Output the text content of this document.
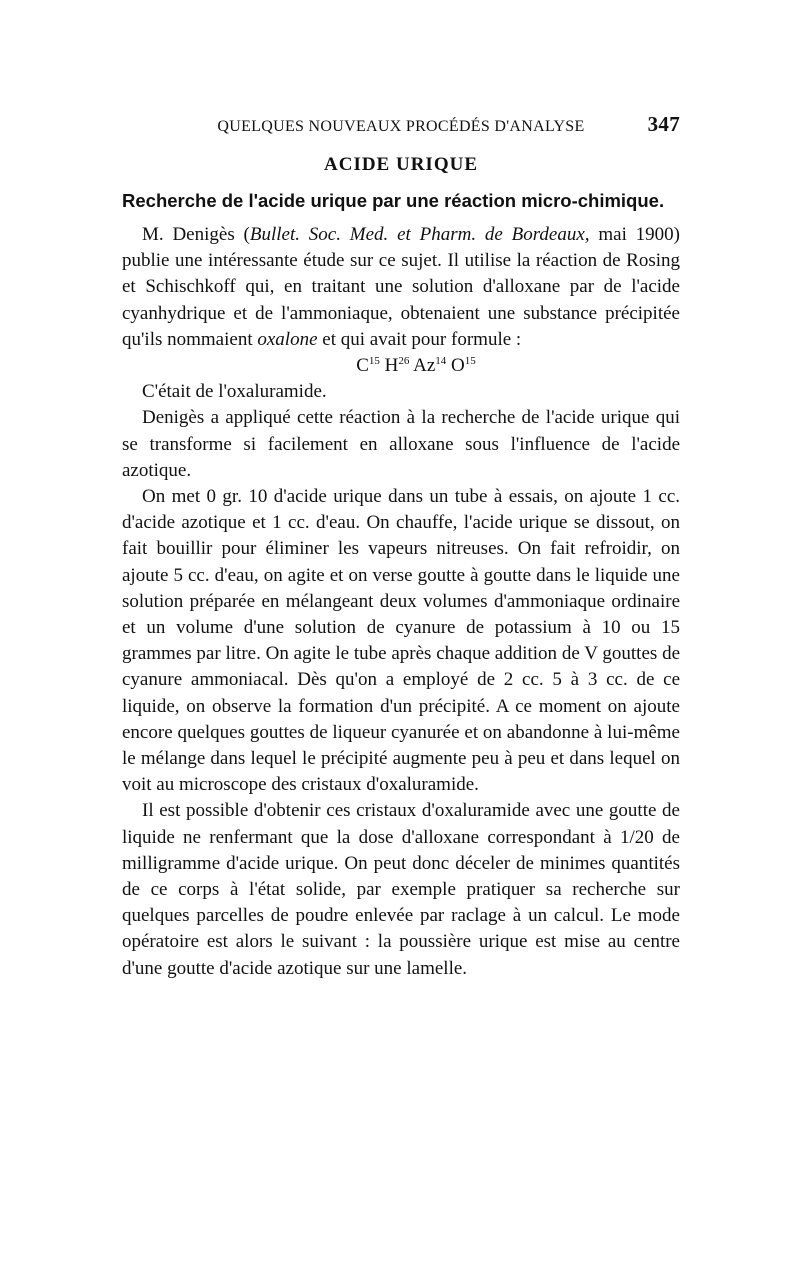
QUELQUES NOUVEAUX PROCÉDÉS D'ANALYSE	347
ACIDE URIQUE
Recherche de l'acide urique par une réaction micro-chimique.

M. Denigès (Bullet. Soc. Med. et Pharm. de Bordeaux, mai 1900) publie une intéressante étude sur ce sujet. Il utilise la réaction de Rosing et Schischkoff qui, en traitant une solution d'alloxane par de l'acide cyanhydrique et de l'ammoniaque, obtenaient une substance précipitée qu'ils nommaient oxalone et qui avait pour formule :

$C^{15}$ $H^{26}$ Az$^{14}$ $O^{15}$

C'était de l'oxaluramide.

Denigès a appliqué cette réaction à la recherche de l'acide urique qui se transforme si facilement en alloxane sous l'influence de l'acide azotique.

On met 0 gr. 10 d'acide urique dans un tube à essais, on ajoute 1 cc. d'acide azotique et 1 cc. d'eau. On chauffe, l'acide urique se dissout, on fait bouillir pour éliminer les vapeurs nitreuses. On fait refroidir, on ajoute 5 cc. d'eau, on agite et on verse goutte à goutte dans le liquide une solution préparée en mélangeant deux volumes d'ammoniaque ordinaire et un volume d'une solution de cyanure de potassium à 10 ou 15 grammes par litre. On agite le tube après chaque addition de V gouttes de cyanure ammoniacal. Dès qu'on a employé de 2 cc. 5 à 3 cc. de ce liquide, on observe la formation d'un précipité. A ce moment on ajoute encore quelques gouttes de liqueur cyanurée et on abandonne à lui-même le mélange dans lequel le précipité augmente peu à peu et dans lequel on voit au microscope des cristaux d'oxaluramide.

Il est possible d'obtenir ces cristaux d'oxaluramide avec une goutte de liquide ne renfermant que la dose d'alloxane correspondant à 1/20 de milligramme d'acide urique. On peut donc déceler de minimes quantités de ce corps à l'état solide, par exemple pratiquer sa recherche sur quelques parcelles de poudre enlevée par raclage à un calcul. Le mode opératoire est alors le suivant : la poussière urique est mise au centre d'une goutte d'acide azotique sur une lamelle.
